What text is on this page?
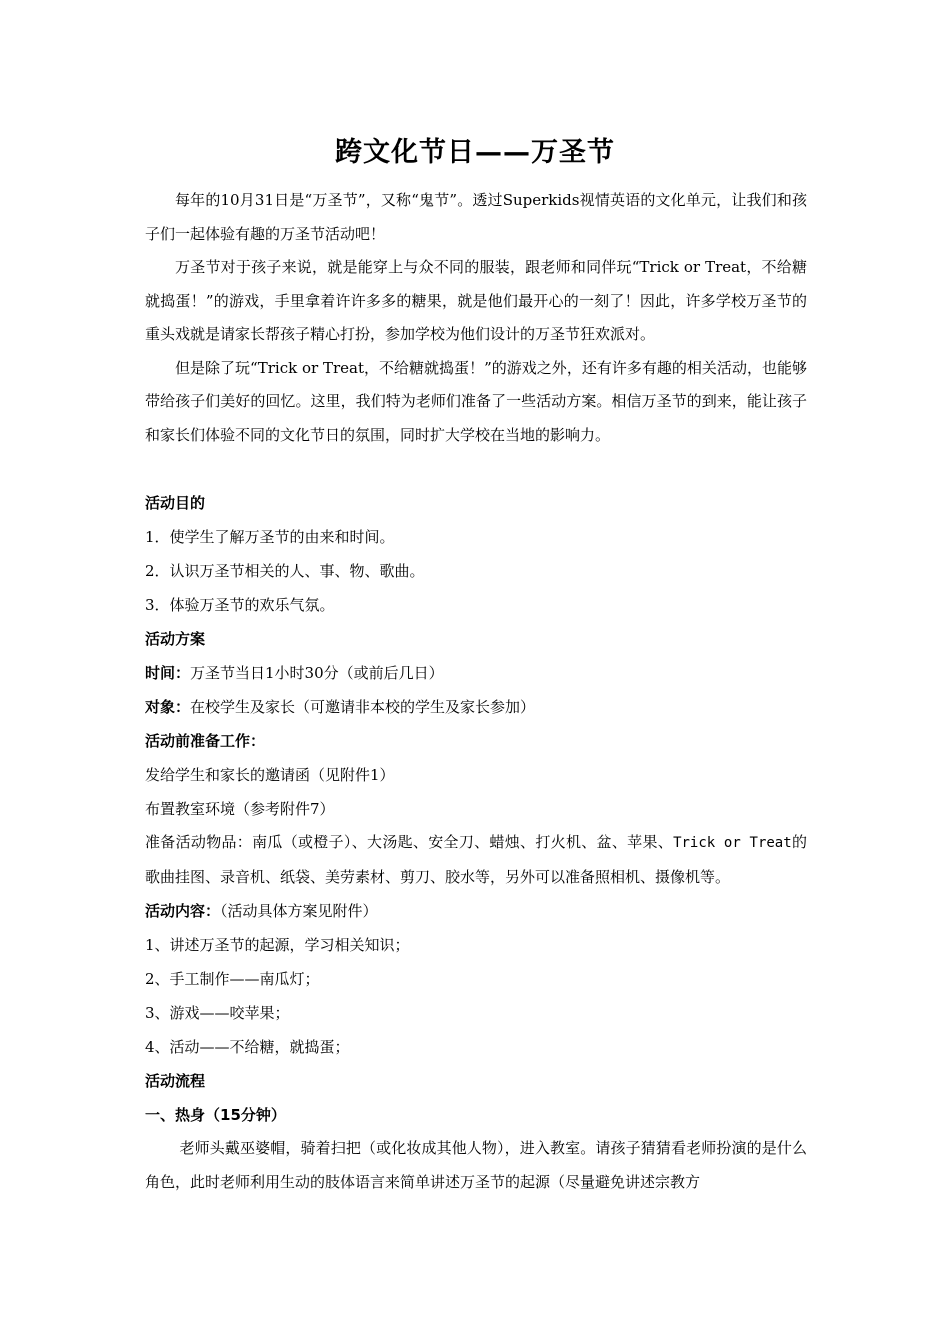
跨文化节日——万圣节

每年的10月31日是“万圣节”，又称“鬼节”。透过Superkids视情英语的文化单元，让我们和孩子们一起体验有趣的万圣节活动吧！

万圣节对于孩子来说，就是能穿上与众不同的服装，跟老师和同伴玩“Trick or Treat，不给糖就捣蛋！”的游戏，手里拿着许许多多的糖果，就是他们最开心的一刻了！因此，许多学校万圣节的重头戏就是请家长帮孩子精心打扮，参加学校为他们设计的万圣节狂欢派对。

但是除了玩“Trick or Treat，不给糖就捣蛋！”的游戏之外，还有许多有趣的相关活动，也能够带给孩子们美好的回忆。这里，我们特为老师们准备了一些活动方案。相信万圣节的到来，能让孩子和家长们体验不同的文化节日的氛围，同时扩大学校在当地的影响力。

活动目的

1．使学生了解万圣节的由来和时间。

2．认识万圣节相关的人、事、物、歌曲。

3．体验万圣节的欢乐气氛。

活动方案

时间：万圣节当日1小时30分（或前后几日）

对象：在校学生及家长（可邀请非本校的学生及家长参加）

活动前准备工作：

发给学生和家长的邀请函（见附件1）

布置教室环境（参考附件7）

准备活动物品：南瓜（或橙子）、大汤匙、安全刀、蜡烛、打火机、盆、苹果、Trick or Treat的歌曲挂图、录音机、纸袋、美劳素材、剪刀、胶水等，另外可以准备照相机、摄像机等。

活动内容：（活动具体方案见附件）

1、讲述万圣节的起源，学习相关知识；

2、手工制作——南瓜灯；

3、游戏——咬苹果；

4、活动——不给糖，就捣蛋；

活动流程

一、热身（15分钟）

老师头戴巫婆帽，骑着扫把（或化妆成其他人物），进入教室。请孩子猜猜看老师扮演的是什么角色，此时老师利用生动的肢体语言来简单讲述万圣节的起源（尽量避免讲述宗教方
